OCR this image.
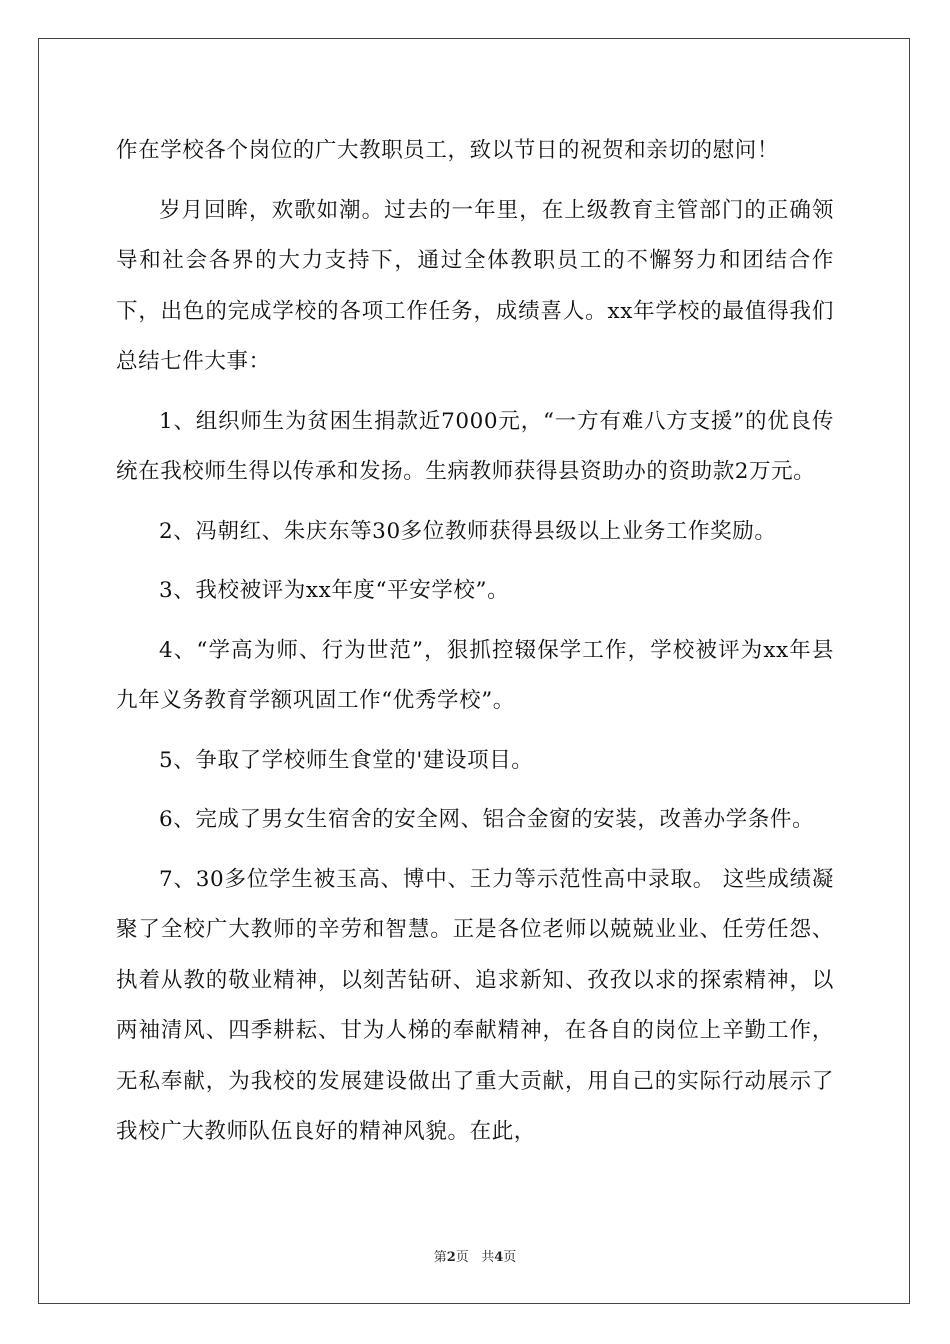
作在学校各个岗位的广大教职员工，致以节日的祝贺和亲切的慰问！

岁月回眸，欢歌如潮。过去的一年里，在上级教育主管部门的正确领导和社会各界的大力支持下，通过全体教职员工的不懈努力和团结合作下，出色的完成学校的各项工作任务，成绩喜人。xx年学校的最值得我们总结七件大事：

1、组织师生为贫困生捐款近7000元，“一方有难八方支援”的优良传统在我校师生得以传承和发扬。生病教师获得县资助办的资助款2万元。

2、冯朝红、朱庆东等30多位教师获得县级以上业务工作奖励。

3、我校被评为xx年度“平安学校”。

4、“学高为师、行为世范”，狠抓控辍保学工作，学校被评为xx年县九年义务教育学额巩固工作“优秀学校”。

5、争取了学校师生食堂的'建设项目。

6、完成了男女生宿舍的安全网、铝合金窗的安装，改善办学条件。

7、30多位学生被玉高、博中、王力等示范性高中录取。 这些成绩凝聚了全校广大教师的辛劳和智慧。正是各位老师以兢兢业业、任劳任怨、执着从教的敬业精神，以刻苦钻研、追求新知、孜孜以求的探索精神，以两袖清风、四季耕耘、甘为人梯的奉献精神，在各自的岗位上辛勤工作，无私奉献，为我校的发展建设做出了重大贡献，用自己的实际行动展示了我校广大教师队伍良好的精神风貌。在此，

第2页 共4页
